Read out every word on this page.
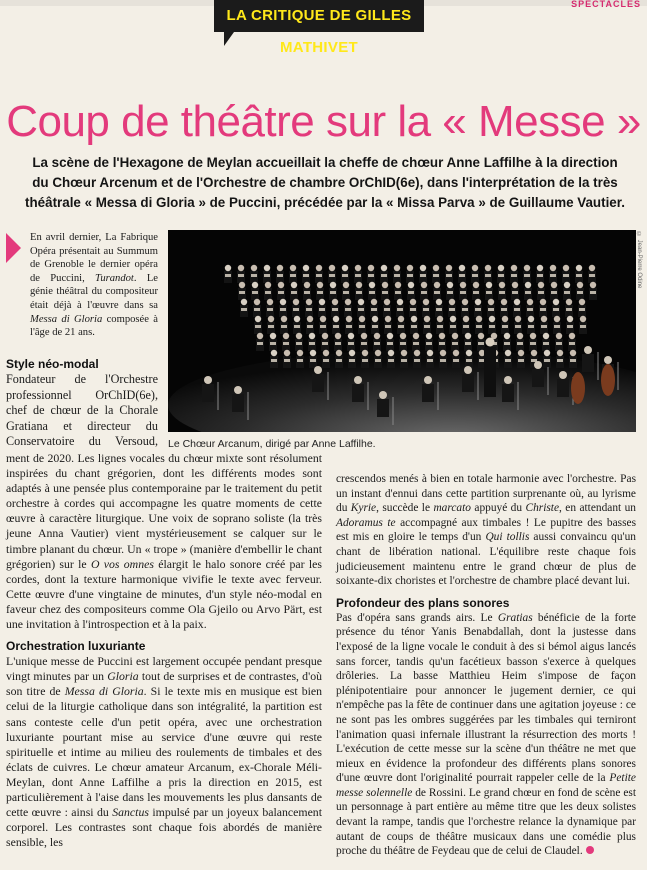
SPECTACLES
LA CRITIQUE DE GILLES MATHIVET
Coup de théâtre sur la « Messe »

La scène de l'Hexagone de Meylan accueillait la cheffe de chœur Anne Laffilhe à la direction du Chœur Arcenum et de l'Orchestre de chambre OrChID(6e), dans l'interprétation de la très théâtrale « Messa di Gloria » de Puccini, précédée par la « Missa Parva » de Guillaume Vautier.

© Jean-Pierre Odine
Le Chœur Arcanum, dirigé par Anne Laffilhe.

En avril dernier, La Fabrique Opéra présentait au Summum de Grenoble le dernier opéra de Puccini, Turandot. Le génie théâtral du compositeur était déjà à l'œuvre dans sa Messa di Gloria composée à l'âge de 21 ans.

Style néo-modal

Fondateur de l'Orchestre professionnel OrChID(6e), chef de chœur de la Chorale Gratiana et directeur du Conservatoire du Versoud,

ment de 2020. Les lignes vocales du chœur mixte sont résolument inspirées du chant grégorien, dont les différents modes sont adaptés à une pensée plus contemporaine par le traitement du petit orchestre à cordes qui accompagne les quatre moments de cette œuvre à caractère liturgique. Une voix de soprano soliste (la très jeune Anna Vautier) vient mystérieusement se calquer sur le timbre planant du chœur. Un « trope » (manière d'embellir le chant grégorien) sur le O vos omnes élargit le halo sonore créé par les cordes, dont la texture harmonique vivifie le texte avec ferveur. Cette œuvre d'une vingtaine de minutes, d'un style néo-modal en faveur chez des compositeurs comme Ola Gjeilo ou Arvo Pärt, est une invitation à l'introspection et à la paix.

Orchestration luxuriante

L'unique messe de Puccini est largement occupée pendant presque vingt minutes par un Gloria tout de surprises et de contrastes, d'où son titre de Messa di Gloria. Si le texte mis en musique est bien celui de la liturgie catholique dans son intégralité, la partition est sans conteste celle d'un petit opéra, avec une orchestration luxuriante pourtant mise au service d'une œuvre qui reste spirituelle et intime au milieu des roulements de timbales et des éclats de cuivres. Le chœur amateur Arcanum, ex-Chorale Méli-Meylan, dont Anne Laffilhe a pris la direction en 2015, est particulièrement à l'aise dans les mouvements les plus dansants de cette œuvre : ainsi du Sanctus impulsé par un joyeux balancement corporel. Les contrastes sont chaque fois abordés de manière sensible, les

crescendos menés à bien en totale harmonie avec l'orchestre. Pas un instant d'ennui dans cette partition surprenante où, au lyrisme du Kyrie, succède le marcato appuyé du Christe, en attendant un Adoramus te accompagné aux timbales ! Le pupitre des basses est mis en gloire le temps d'un Qui tollis aussi convaincu qu'un chant de libération national. L'équilibre reste chaque fois judicieusement maintenu entre le grand chœur de plus de soixante-dix choristes et l'orchestre de chambre placé devant lui.

Profondeur des plans sonores

Pas d'opéra sans grands airs. Le Gratias bénéficie de la forte présence du ténor Yanis Benabdallah, dont la justesse dans l'exposé de la ligne vocale le conduit à des si bémol aigus lancés sans forcer, tandis qu'un facétieux basson s'exerce à quelques drôleries. La basse Matthieu Heim s'impose de façon plénipotentiaire pour annoncer le jugement dernier, ce qui n'empêche pas la fête de continuer dans une agitation joyeuse : ce ne sont pas les ombres suggérées par les timbales qui terniront l'animation quasi infernale illustrant la résurrection des morts ! L'exécution de cette messe sur la scène d'un théâtre ne met que mieux en évidence la profondeur des différents plans sonores d'une œuvre dont l'originalité pourrait rappeler celle de la Petite messe solennelle de Rossini. Le grand chœur en fond de scène est un personnage à part entière au même titre que les deux solistes devant la rampe, tandis que l'orchestre relance la dynamique par autant de coups de théâtre musicaux dans une comédie plus proche du théâtre de Feydeau que de celui de Claudel.
